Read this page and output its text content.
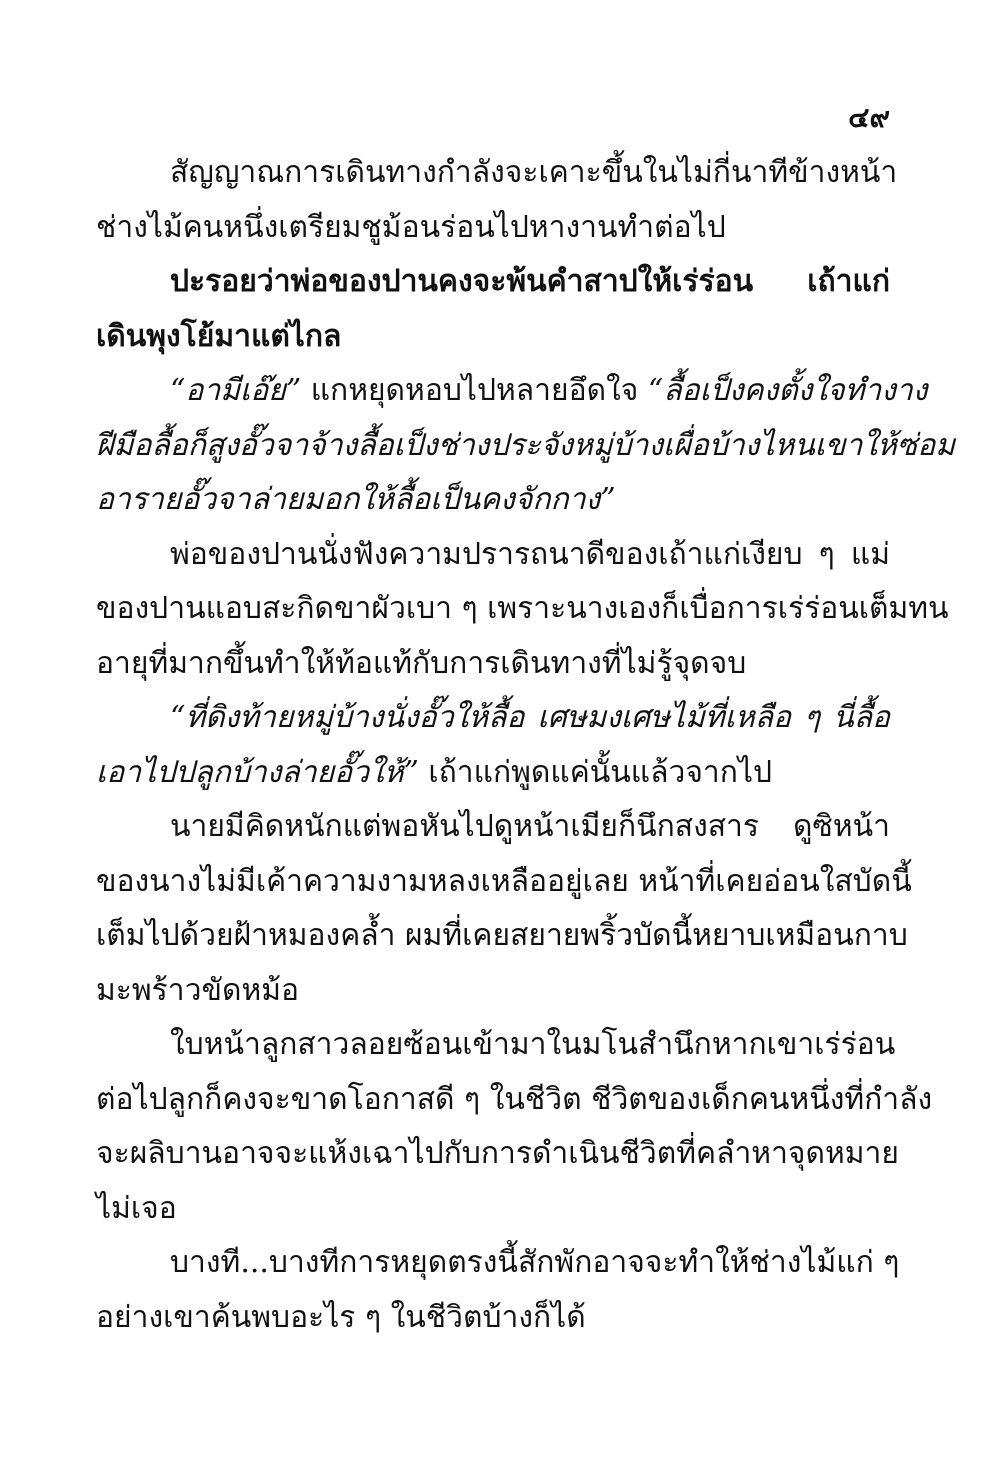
๔๙
สัญญาณการเดินทางกำลังจะเคาะขึ้นในไม่กี่นาทีข้างหน้า
ช่างไม้คนหนึ่งเตรียมชูม้อนร่อนไปหางานทำต่อไป
ปะรอยว่าพ่อของปานคงจะพ้นคำสาปให้เร่ร่อน เถ้าแก่
เดินพุงโย้มาแต่ไกล
“อามีเอ๊ย” แกหยุดหอบไปหลายอึดใจ “ลื้อเป็งคงตั้งใจทำงาง
ฝีมือลื้อก็สูงอั๊วจาจ้างลื้อเป็งช่างประจังหมู่บ้างเผื่อบ้างไหนเขาให้ซ่อม
อารายอั๊วจาล่ายมอกให้ลื้อเป็นคงจักกาง”
พ่อของปานนั่งฟังความปรารถนาดีของเถ้าแก่เงียบ ๆ แม่
ของปานแอบสะกิดขาผัวเบา ๆ เพราะนางเองก็เบื่อการเร่ร่อนเต็มทน
อายุที่มากขึ้นทำให้ท้อแท้กับการเดินทางที่ไม่รู้จุดจบ
“ที่ดิงท้ายหมู่บ้างนั่งอั๊วให้ลื้อ เศษมงเศษไม้ที่เหลือ ๆ นี่ลื้อ
เอาไปปลูกบ้างล่ายอั๊วให้” เถ้าแก่พูดแค่นั้นแล้วจากไป
นายมีคิดหนักแต่พอหันไปดูหน้าเมียก็นึกสงสาร ดูซิหน้า
ของนางไม่มีเค้าความงามหลงเหลืออยู่เลย หน้าที่เคยอ่อนใสบัดนี้
เต็มไปด้วยฝ้าหมองคล้ำ ผมที่เคยสยายพริ้วบัดนี้หยาบเหมือนกาบ
มะพร้าวขัดหม้อ
ใบหน้าลูกสาวลอยซ้อนเข้ามาในมโนสำนึกหากเขาเร่ร่อน
ต่อไปลูกก็คงจะขาดโอกาสดี ๆ ในชีวิต ชีวิตของเด็กคนหนึ่งที่กำลัง
จะผลิบานอาจจะแห้งเฉาไปกับการดำเนินชีวิตที่คลำหาจุดหมาย
ไม่เจอ
บางที...บางทีการหยุดตรงนี้สักพักอาจจะทำให้ช่างไม้แก่ ๆ
อย่างเขาค้นพบอะไร ๆ ในชีวิตบ้างก็ได้
